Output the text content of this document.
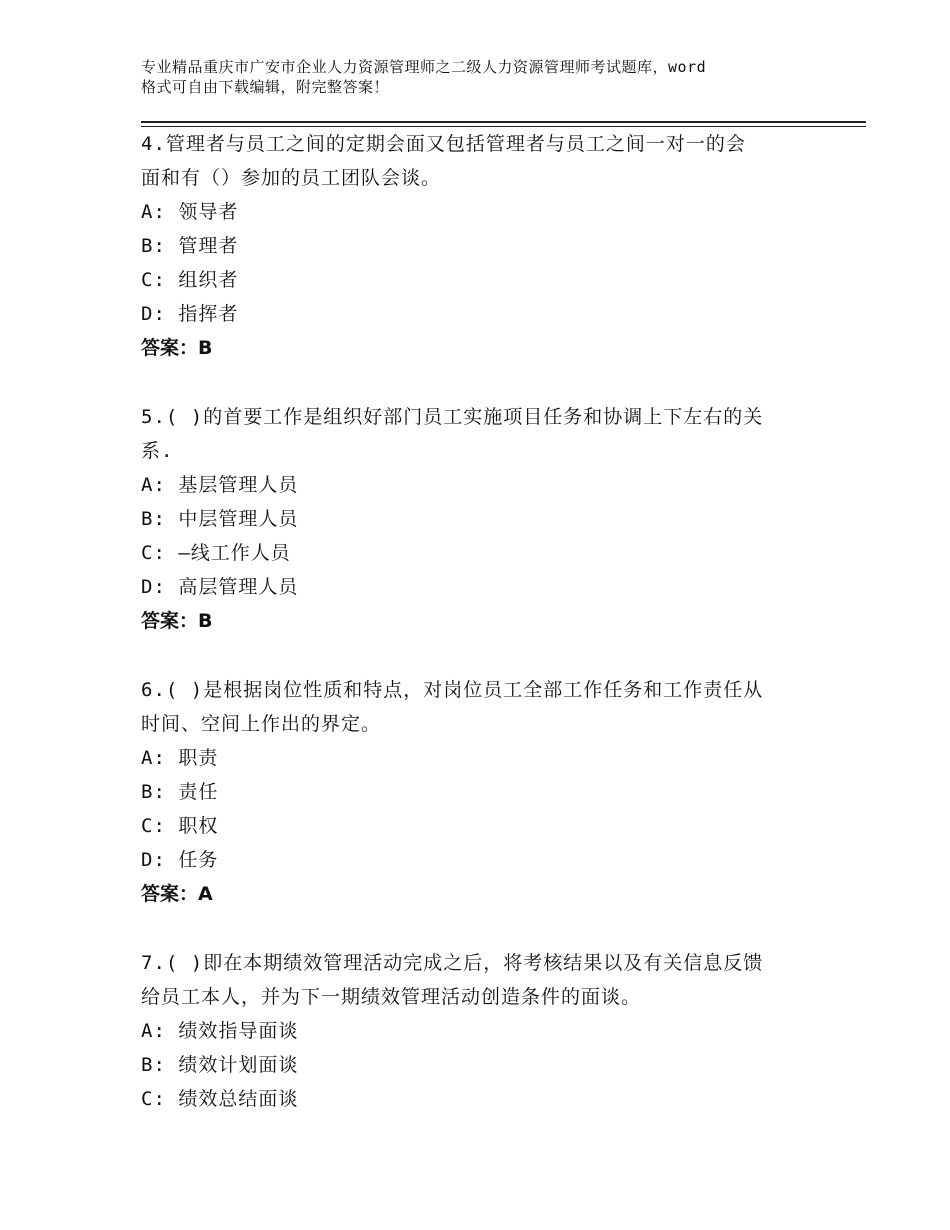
专业精品重庆市广安市企业人力资源管理师之二级人力资源管理师考试题库，word
格式可自由下载编辑，附完整答案！

4.管理者与员工之间的定期会面又包括管理者与员工之间一对一的会

面和有（）参加的员工团队会谈。

A: 领导者

B: 管理者

C: 组织者

D: 指挥者

答案：B

5.( )的首要工作是组织好部门员工实施项目任务和协调上下左右的关

系.

A: 基层管理人员

B: 中层管理人员

C: —线工作人员

D: 高层管理人员

答案：B

6.( )是根据岗位性质和特点，对岗位员工全部工作任务和工作责任从

时间、空间上作出的界定。

A: 职责

B: 责任

C: 职权

D: 任务

答案：A

7.( )即在本期绩效管理活动完成之后，将考核结果以及有关信息反馈

给员工本人，并为下一期绩效管理活动创造条件的面谈。

A: 绩效指导面谈

B: 绩效计划面谈

C: 绩效总结面谈
